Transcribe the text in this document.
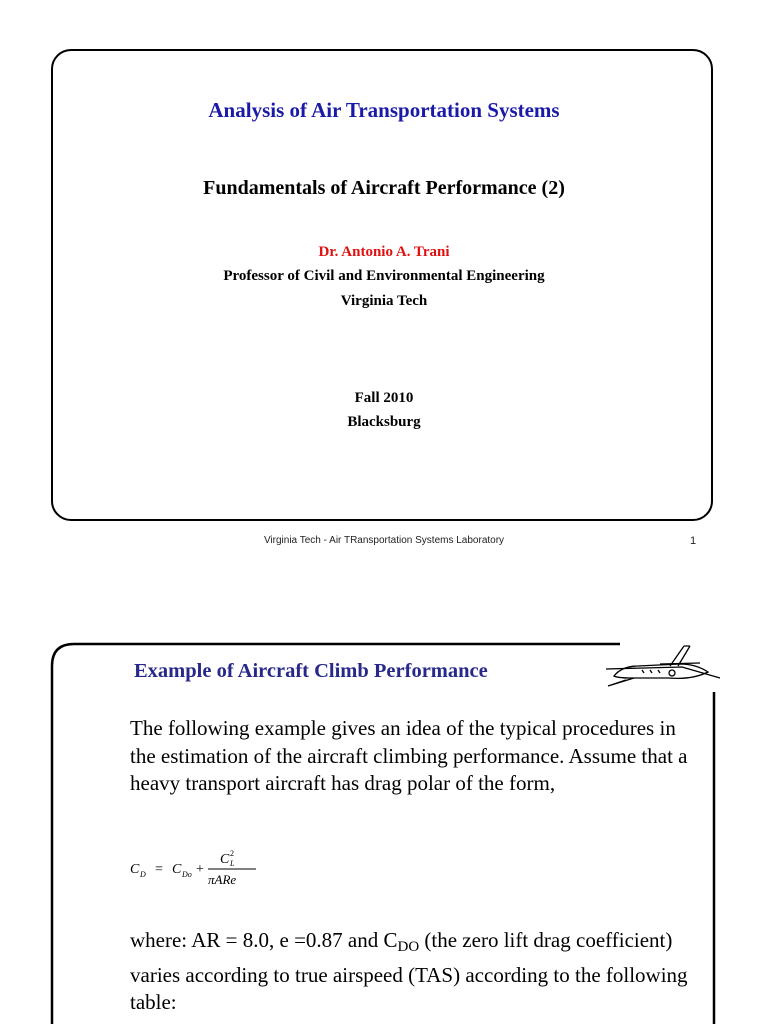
Analysis of Air Transportation Systems
Fundamentals of Aircraft Performance (2)
Dr. Antonio A. Trani
Professor of Civil and Environmental Engineering
Virginia Tech
Fall 2010
Blacksburg
Virginia Tech - Air TRansportation Systems Laboratory	1
Example of Aircraft Climb Performance
The following example gives an idea of the typical procedures in the estimation of the aircraft climbing performance. Assume that a heavy transport aircraft has drag polar of the form,
C D = C Do +
C 2
L
πARe
where: AR = 8.0, e =0.87 and CDO (the zero lift drag coefficient) varies according to true airspeed (TAS) according to the following table:
